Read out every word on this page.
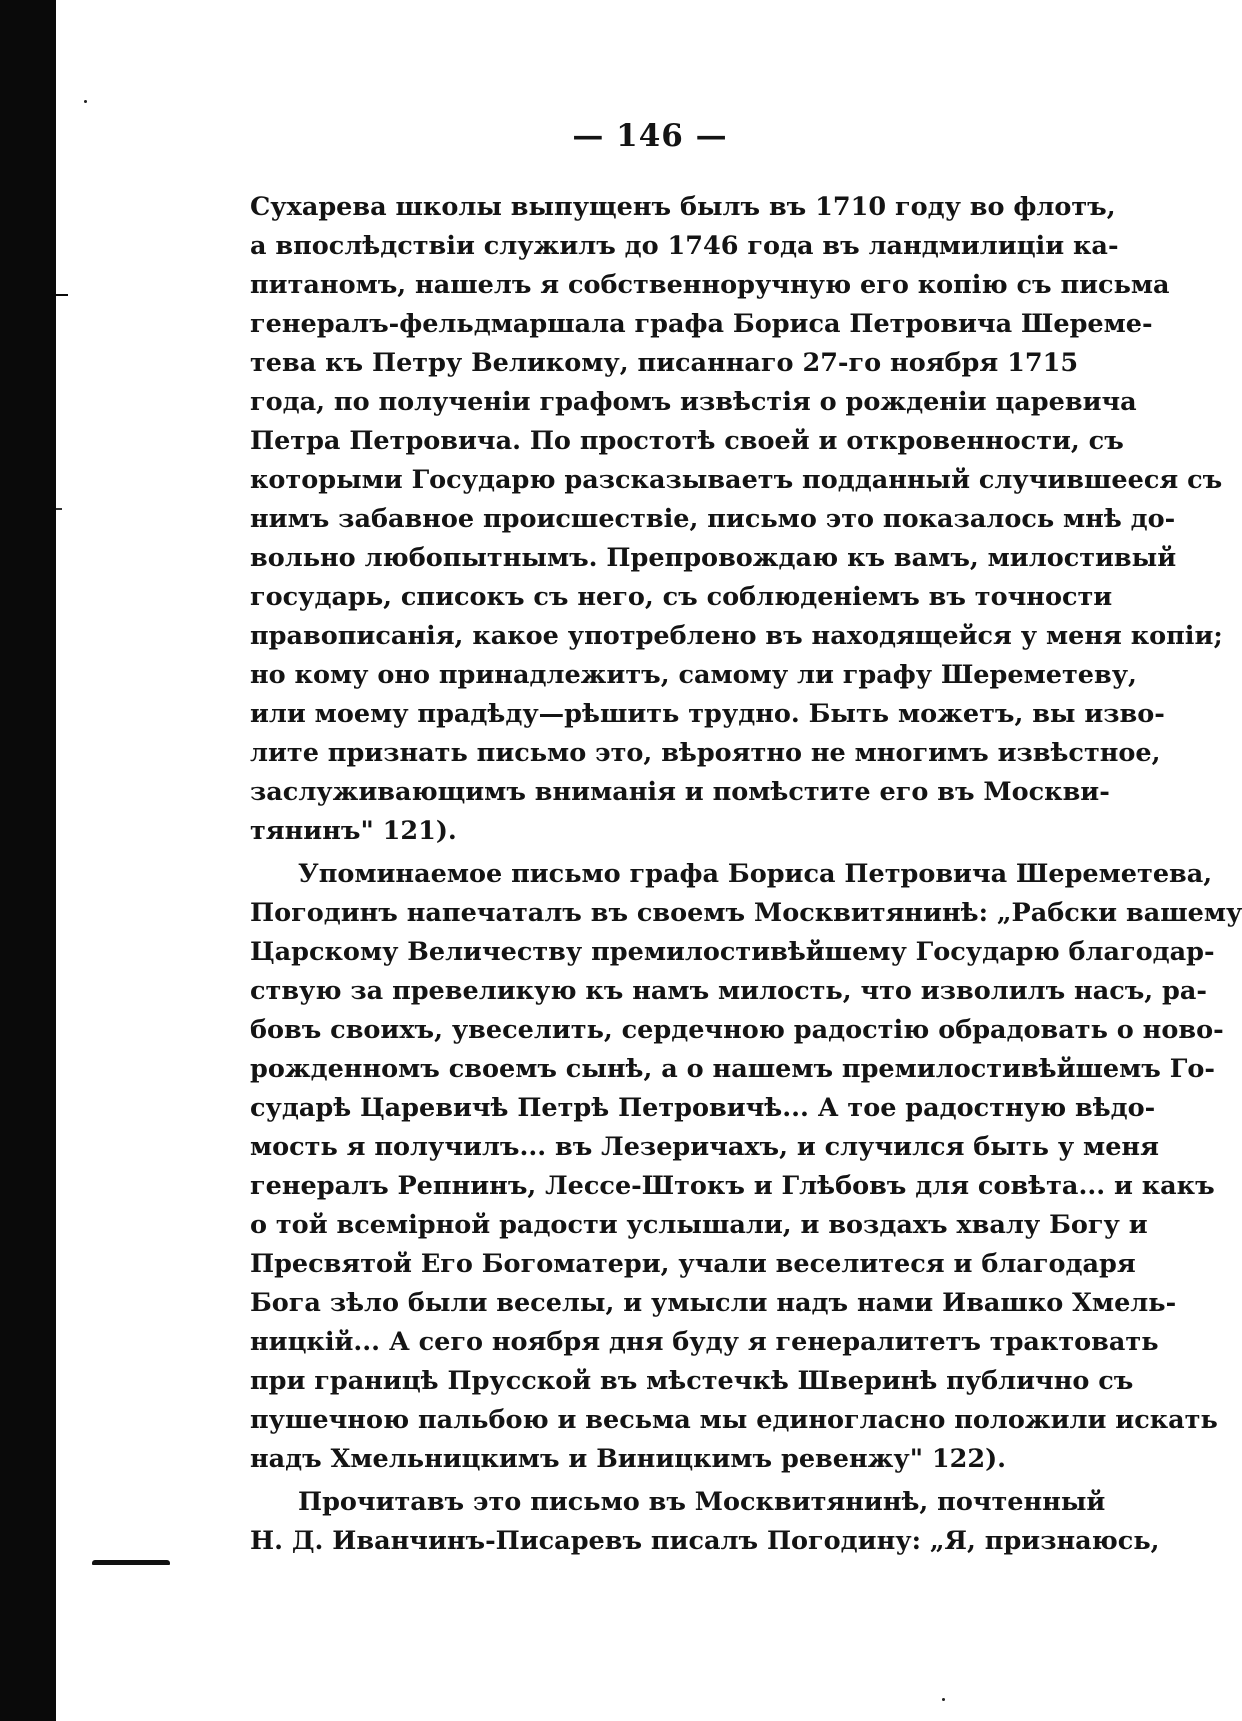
— 146 —

Сухарева школы выпущенъ былъ въ 1710 году во флотъ,
а впослѣдствіи служилъ до 1746 года въ ландмилиціи ка-
питаномъ, нашелъ я собственноручную его копію съ письма
генералъ-фельдмаршала графа Бориса Петровича Шереме-
тева къ Петру Великому, писаннаго 27-го ноября 1715
года, по полученіи графомъ извѣстія о рожденіи царевича
Петра Петровича. По простотѣ своей и откровенности, съ
которыми Государю разсказываетъ подданный случившееся съ
нимъ забавное происшествіе, письмо это показалось мнѣ до-
вольно любопытнымъ. Препровождаю къ вамъ, милостивый
государь, списокъ съ него, съ соблюденіемъ въ точности
правописанія, какое употреблено въ находящейся у меня копіи;
но кому оно принадлежитъ, самому ли графу Шереметеву,
или моему прадѣду—рѣшить трудно. Быть можетъ, вы изво-
лите признать письмо это, вѣроятно не многимъ извѣстное,
заслуживающимъ вниманія и помѣстите его въ Москви-
тянинъ" 121).

Упоминаемое письмо графа Бориса Петровича Шереметева,
Погодинъ напечаталъ въ своемъ Москвитянинѣ: „Рабски вашему
Царскому Величеству премилостивѣйшему Государю благодар-
ствую за превеликую къ намъ милость, что изволилъ насъ, ра-
бовъ своихъ, увеселить, сердечною радостію обрадовать о ново-
рожденномъ своемъ сынѣ, а о нашемъ премилостивѣйшемъ Го-
сударѣ Царевичѣ Петрѣ Петровичѣ... А тое радостную вѣдо-
мость я получилъ... въ Лезеричахъ, и случился быть у меня
генералъ Репнинъ, Лессе-Штокъ и Глѣбовъ для совѣта... и какъ
о той всемірной радости услышали, и воздахъ хвалу Богу и
Пресвятой Его Богоматери, учали веселитеся и благодаря
Бога зѣло были веселы, и умысли надъ нами Ивашко Хмель-
ницкій... А сего ноября дня буду я генералитетъ трактовать
при границѣ Прусской въ мѣстечкѣ Шверинѣ публично съ
пушечною пальбою и весьма мы единогласно положили искать
надъ Хмельницкимъ и Виницкимъ ревенжу" 122).

Прочитавъ это письмо въ Москвитянинѣ, почтенный
Н. Д. Иванчинъ-Писаревъ писалъ Погодину: „Я, признаюсь,
